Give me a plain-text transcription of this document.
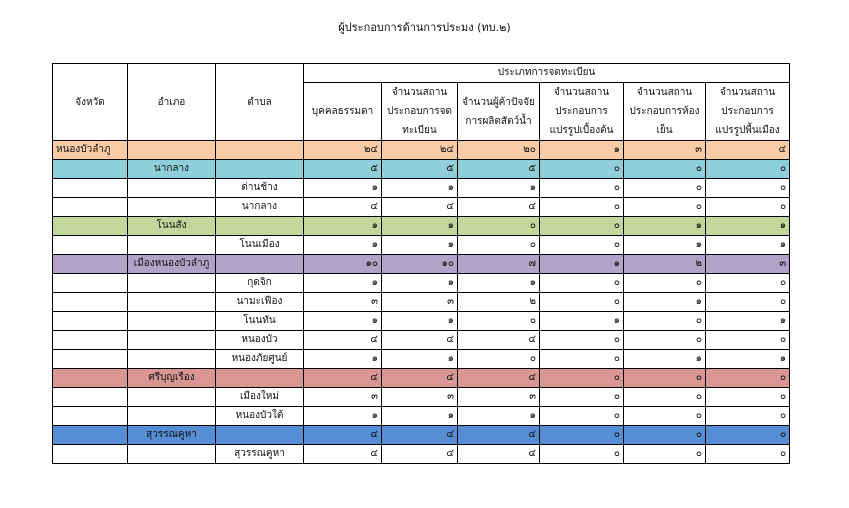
ผู้ประกอบการด้านการประมง (ทบ.๒)
จังหวัด	อำเภอ	ตำบล	ประเภทการจดทะเบียน					
			บุคคลธรรมดา	จำนวนสถานประกอบการจดทะเบียน	จำนวนผู้ค้าปัจจัยการผลิตสัตว์น้ำ	จำนวนสถานประกอบการแปรรูปเบื้องต้น	จำนวนสถานประกอบการห้องเย็น	จำนวนสถานประกอบการแปรรูปพื้นเมือง
หนองบัวลำภู			๒๔	๒๔	๒๐	๑	๓	๔
	นากลาง		๕	๕	๕	๐	๐	๐
		ด่านช้าง	๑	๑	๑	๐	๐	๐
		นากลาง	๔	๔	๔	๐	๐	๐
	โนนสัง		๑	๑	๐	๐	๑	๑
		โนนเมือง	๑	๑	๐	๐	๑	๑
	เมืองหนองบัวลำภู		๑๐	๑๐	๗	๑	๒	๓
		กุดจิก	๑	๑	๑	๐	๐	๐
		นามะเฟือง	๓	๓	๒	๐	๑	๐
		โนนทัน	๑	๑	๐	๑	๐	๑
		หนองบัว	๔	๔	๔	๐	๐	๐
		หนองภัยศูนย์	๑	๑	๐	๐	๑	๑
	ศรีบุญเรือง		๔	๔	๔	๐	๐	๐
		เมืองใหม่	๓	๓	๓	๐	๐	๐
		หนองบัวใต้	๑	๑	๑	๐	๐	๐
	สุวรรณคูหา		๔	๔	๔	๐	๐	๐
		สุวรรณคูหา	๔	๔	๔	๐	๐	๐
